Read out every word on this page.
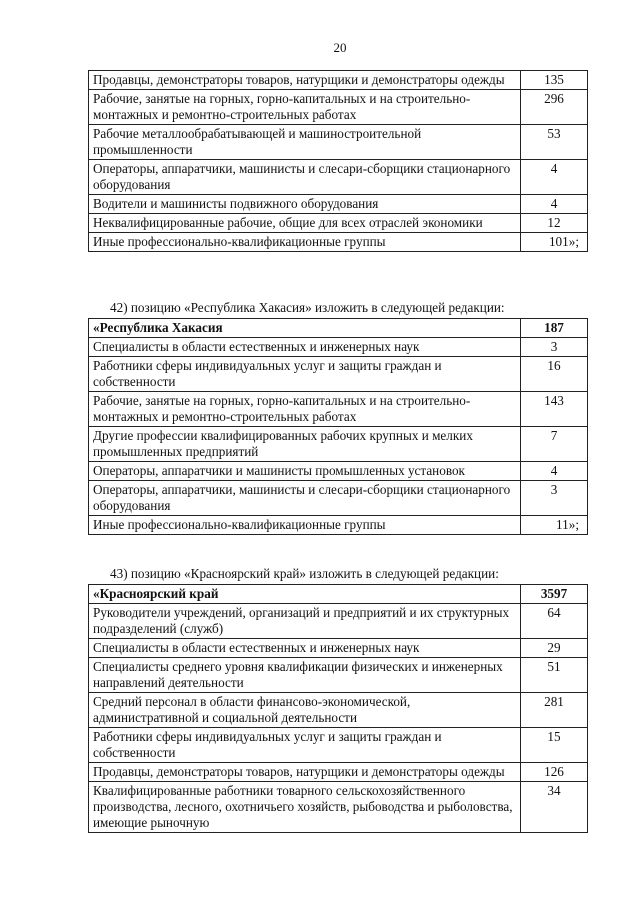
20
Продавцы, демонстраторы товаров, натурщики и демонстраторы одежды	135
Рабочие, занятые на горных, горно-капитальных и на строительно-монтажных и ремонтно-строительных работах	296
Рабочие металлообрабатывающей и машиностроительной промышленности	53
Операторы, аппаратчики, машинисты и слесари-сборщики стационарного оборудования	4
Водители и машинисты подвижного оборудования	4
Неквалифицированные рабочие, общие для всех отраслей экономики	12
Иные профессионально-квалификационные группы	101»;
42) позицию «Республика Хакасия» изложить в следующей редакции:
«Республика Хакасия	187
Специалисты в области естественных и инженерных наук	3
Работники сферы индивидуальных услуг и защиты граждан и собственности	16
Рабочие, занятые на горных, горно-капитальных и на строительно-монтажных и ремонтно-строительных работах	143
Другие профессии квалифицированных рабочих крупных и мелких промышленных предприятий	7
Операторы, аппаратчики и машинисты промышленных установок	4
Операторы, аппаратчики, машинисты и слесари-сборщики стационарного оборудования	3
Иные профессионально-квалификационные группы	11»;
43) позицию «Красноярский край» изложить в следующей редакции:
«Красноярский край	3597
Руководители учреждений, организаций и предприятий и их структурных подразделений (служб)	64
Специалисты в области естественных и инженерных наук	29
Специалисты среднего уровня квалификации физических и инженерных направлений деятельности	51
Средний персонал в области финансово-экономической, административной и социальной деятельности	281
Работники сферы индивидуальных услуг и защиты граждан и собственности	15
Продавцы, демонстраторы товаров, натурщики и демонстраторы одежды	126
Квалифицированные работники товарного сельскохозяйственного производства, лесного, охотничьего хозяйств, рыбоводства и рыболовства, имеющие рыночную	34
